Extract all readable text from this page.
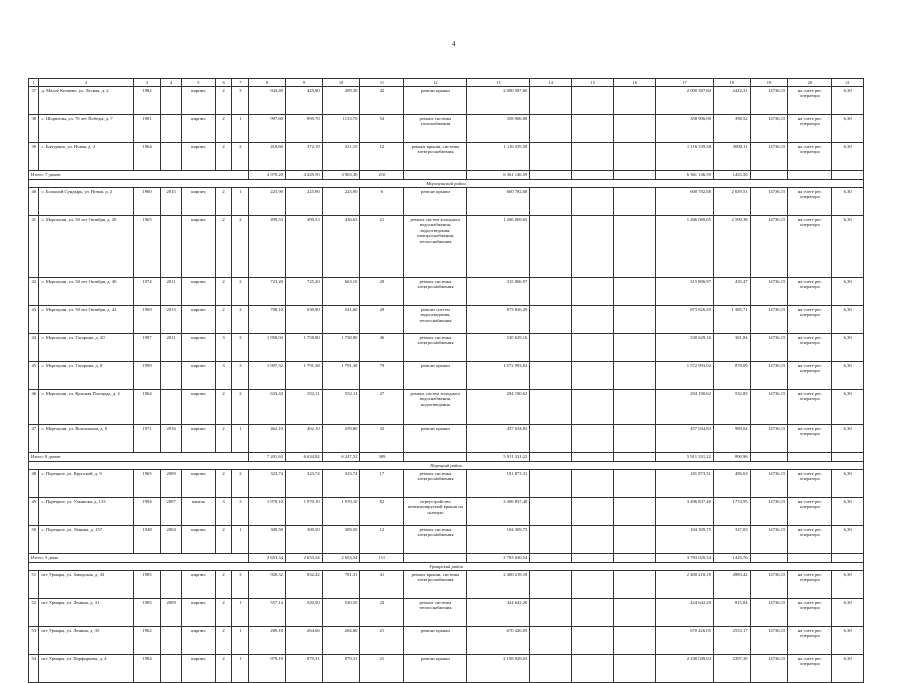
4
1	2	3	4	5	6	7	8	9	10	11	12	13	14	15	16	17	18	19	20	21
37	д. Малое Кичаево, ул. Лесная, д. 2	1982		кирпич	2	3	943,40	425,90	499,30	42	ремонт крыши	2 000 587,60				2 000 587,60	2422,31	14736,15	на счете рег. оператора	6,30
38	с. Шоршелы, ул. 70 лет Победы, д. 7	1981		кирпич	2	1	997,60	899,70	1133,70	54	ремонт системы газоснабжения	358 906,08				358 906,08	398,52	14736,15	на счете рег. оператора	6,30
39	с. Бичурино, ул. Новая, д. 2	1964		кирпич	2	2	419,60	372,19	321,10	12	ремонт крыши, системы электроснабжения	1 116 339,58				1 116 339,58	3000,11	14736,15	на счете рег. оператора	6,30
Итого: 7 домов							4 970,20	4 429,50	3 963,30	210		6 361 146,59				6 361 146,59	1435,56			
Моргаушский район																				
40	с. Большой Сундырь, ул. Новая, д. 2	1960	2015	кирпич	2	1	225,90	225,90	225,90	6	ремонт крыши	600 782,68				600 782,68	2 659,51	14736,15	на счете рег. оператора	6,30
41	с. Моргауши, ул. 50 лет Октября, д. 30	1965		кирпич	2	2	499,53	499,53	436,63	21	ремонт систем холодного водоснабжения, водоотведения, электроснабжения, теплоснабжения	1 266 069,65				1 266 069,65	2 590,38	14736,15	на счете рег. оператора	6,30
42	с. Моргауши, ул. 50 лет Октября, д. 40	1974	2011	кирпич	2	2	723,20	725,20	663,10	29	ремонт системы электроснабжения	315 806,97				315 806,97	435,47	14736,15	на счете рег. оператора	6,30
43	с. Моргауши, ул. 50 лет Октября, д. 42	1969	2015	кирпич	2	2	708,10	630,90	541,60	29	ремонт систем водоотведения, теплоснабжения	873 826,29				873 826,29	1 385,71	14736,15	на счете рег. оператора	6,30
44	с. Моргауши, ул. Гагарина, д. 20	1987	2011	кирпич	3	3	1 958,04	1 758,80	1 758,80	46	ремонт системы электроснабжения	530 629,16				530 629,16	301,84	14736,15	на счете рег. оператора	6,30
45	с. Моргауши, ул. Гагарина, д. 8	1999		кирпич	3	3	1 997,32	1 791,38	1 791,38	79	ремонт крыши	1 572 993,02				1 572 993,02	878,09	14736,15	на счете рег. оператора	6,30
46	с. Моргауши, ул. Красная Площадь, д. 4	1964		кирпич	2	2	633,44	552,11	552,11	27	ремонт систем холодного водоснабжения, водоотведения	294 190,62				294 190,62	532,85	14736,15	на счете рег. оператора	6,30
47	с. Моргауши, ул. Вокзальная, д. 9	1971	2016	кирпич	2	1	462,10	462,10	259,80	32	ремонт крыши	457 034,83				457 034,83	989,04	14736,15	на счете рег. оператора	6,30
Итого: 8 домов							7 201,63	6 634,82	6 247,52	309		5 911 331,22				5 911 331,22	890,96			
Порецкий район																				
48	с. Порецкое, ул. Крупской, д. 9	1965	2009	кирпич	2	2	323,74	323,74	323,74	17	ремонт системы электроснабжения	181 873,31				181 873,31	496,63	14736,15	на счете рег. оператора	6,30
49	с. Порецкое, ул. Ульянова, д. 133	1994	2007	панель	3	3	1 970,10	1 970,10	1 970,10	82	переустройство невентилируемой крыши на скатную	3 496 837,48				3 496 837,48	1774,95	14736,15	на счете рег. оператора	6,30
50	с. Порецкое, ул. Ленина, д. 157	1948	2004	кирпич	2	1	309,50	309,50	309,50	12	ремонт системы электроснабжения	104 309,75				104 309,75	337,03	14736,15	на счете рег. оператора	6,30
Итого: 3 дома							2 653,34	2 653,34	2 653,34	111		3 783 020,54				3 783 020,54	1425,76			
Урмарский район																				
51	пгт Урмары, ул. Заводская, д. 43	1985		кирпич	2	3	920,32	832,42	781,31	41	ремонт крыши, системы электроснабжения	2 400 218,18				2 400 218,18	2883,42	14736,15	на счете рег. оператора	6,30
52	пгт Урмары, ул. Ленина, д. 31	1965	2009	кирпич	2	1	557,14	520,50	520,50	23	ремонт системы теплоснабжения	424 642,20				424 642,20	815,84	14736,15	на счете рег. оператора	6,30
53	пгт Урмары, ул. Ленина, д. 35	1962		кирпич	2	1	289,18	264,66	264,66	21	ремонт крыши	670 426,05				670 426,05	2533,17	14736,15	на счете рег. оператора	6,30
54	пгт Урмары, ул. Порфирьева, д. 4	1984		кирпич	2	1	979,19	879,31	879,31	21	ремонт крыши	2 108 049,03				2 108 049,03	2397,39	14736,15	на счете рег. оператора	6,30
